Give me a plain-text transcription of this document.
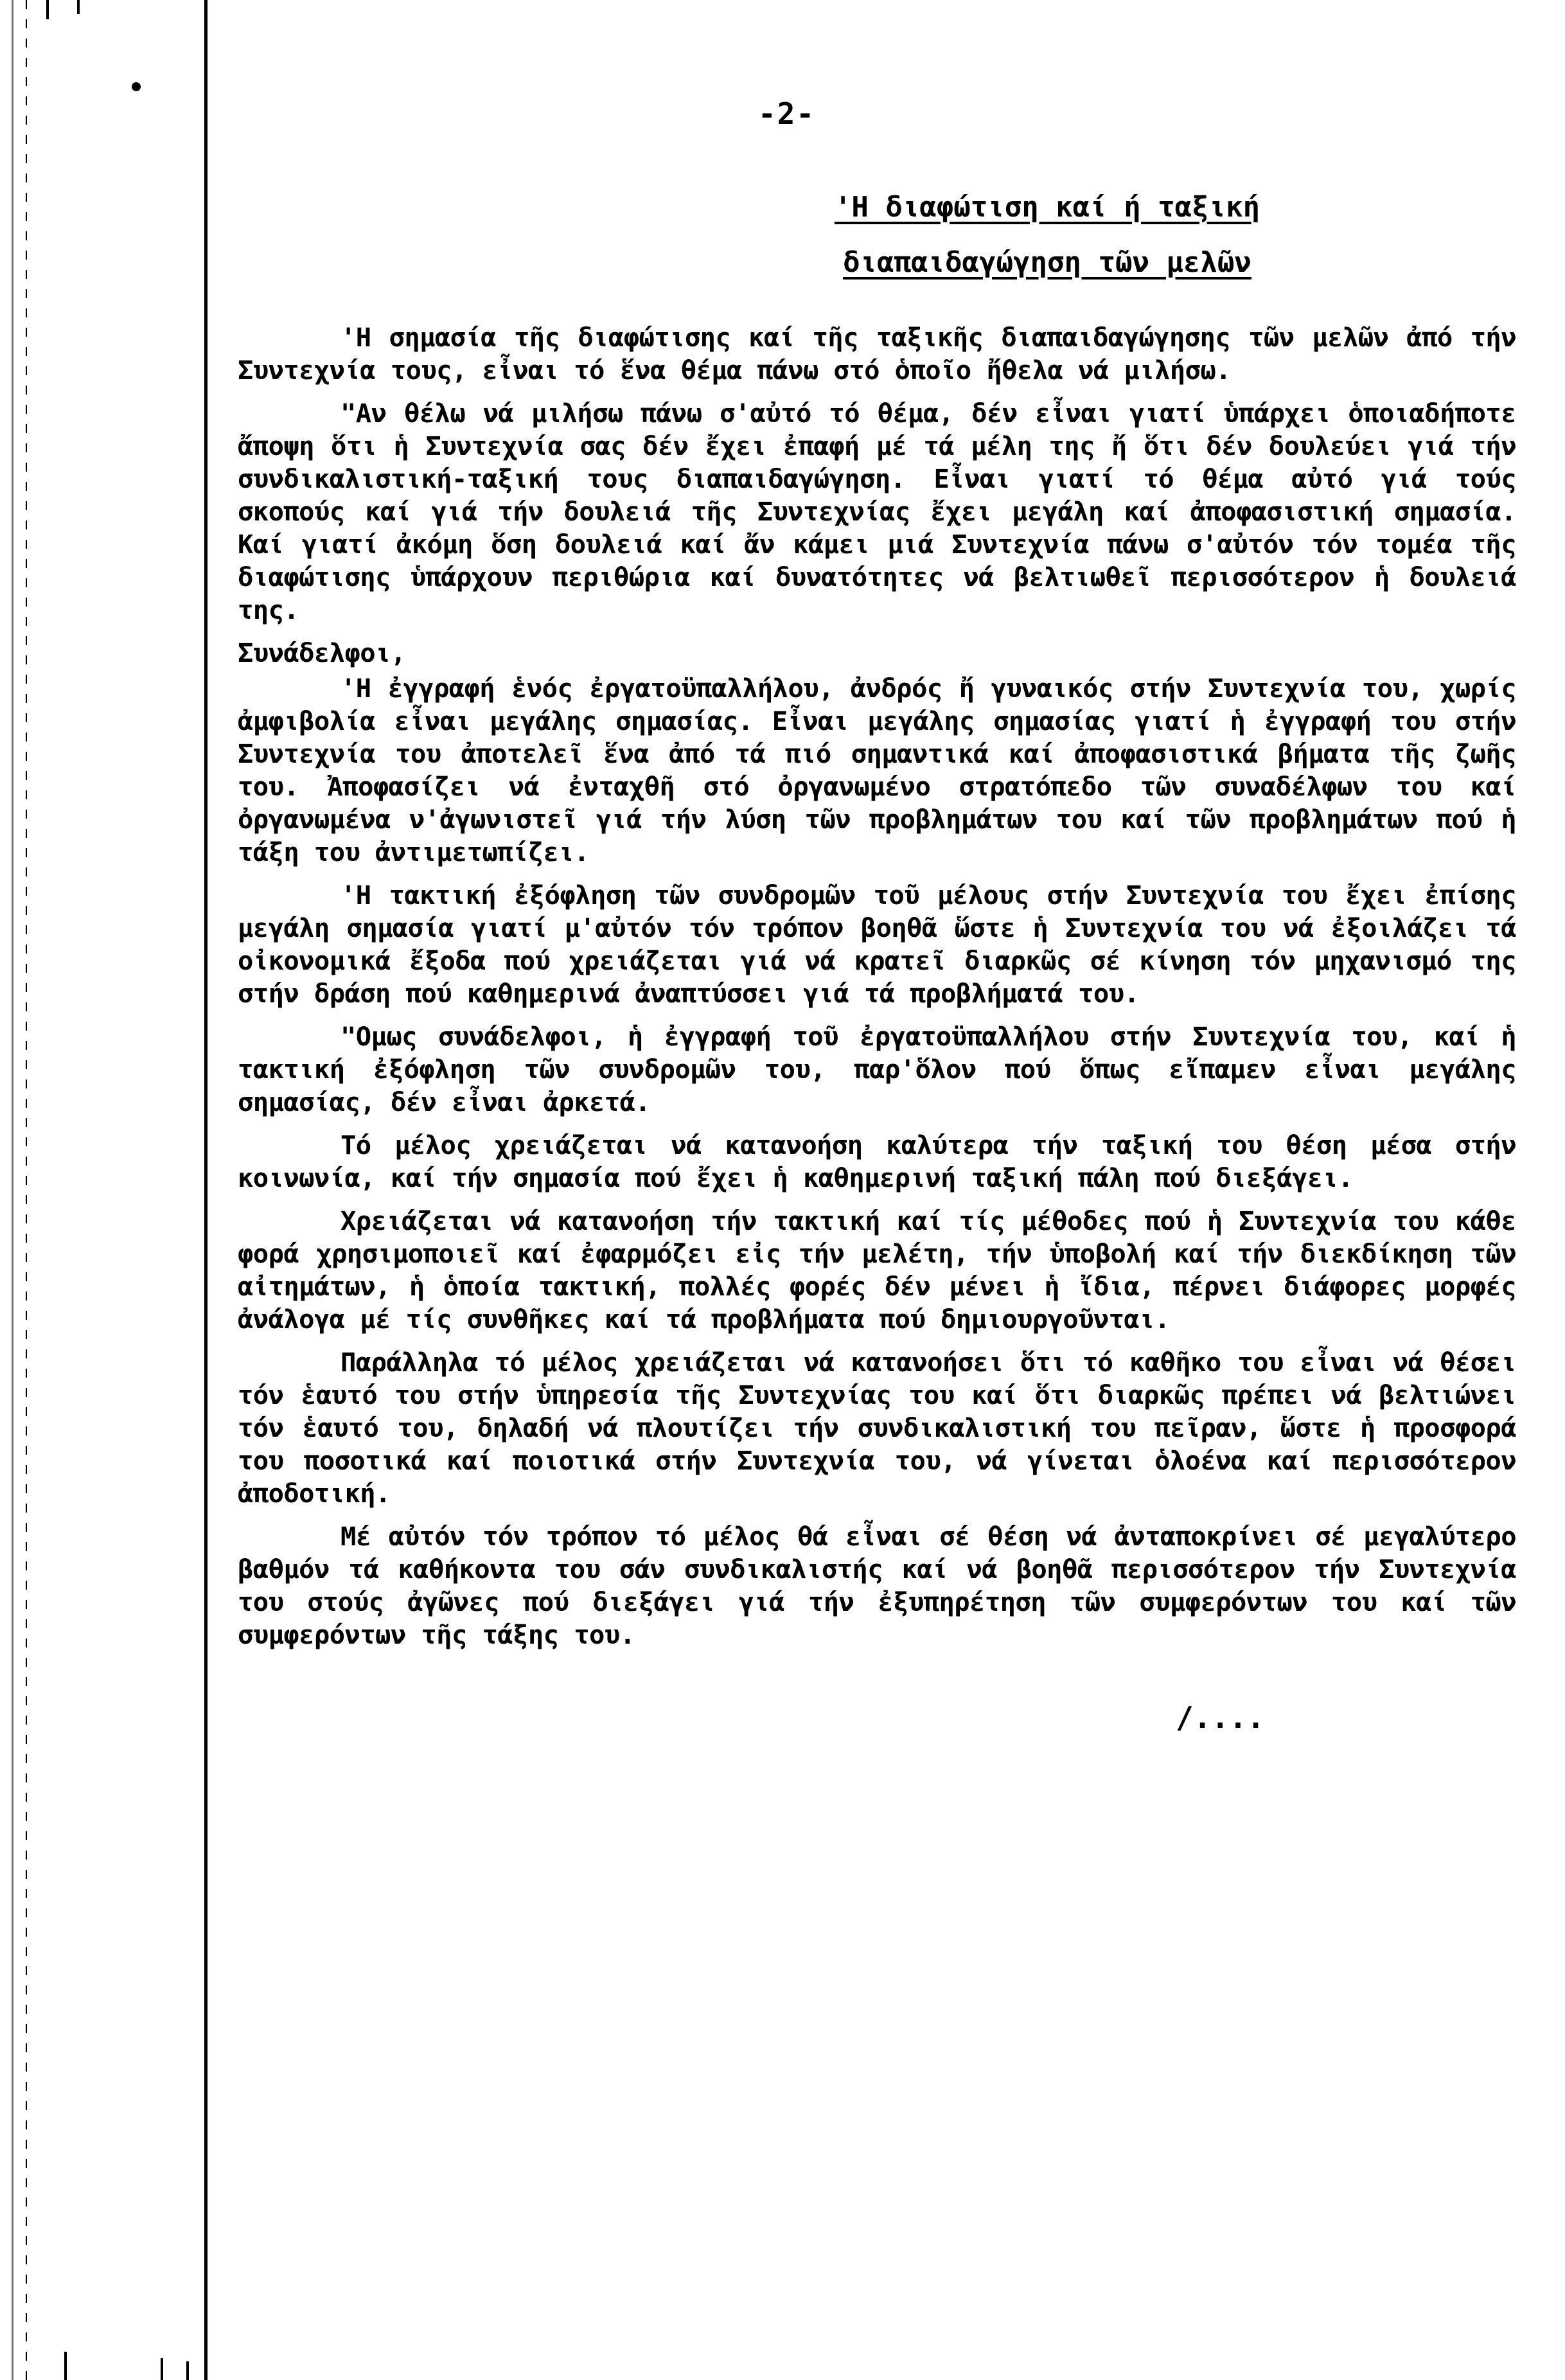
-2-
'Η διαφώτιση καί ή ταξική
διαπαιδαγώγηση τῶν μελῶν

'Η σημασία τῆς διαφώτισης καί τῆς ταξικῆς διαπαιδαγώγησης τῶν μελῶν ἀπό τήν Συντεχνία τους, εἶναι τό ἕνα θέμα πάνω στό ὁποῖο ἤθελα νά μιλήσω.

"Αν θέλω νά μιλήσω πάνω σ'αὐτό τό θέμα, δέν εἶναι γιατί ὑπάρχει ὁποιαδήποτε ἄποψη ὅτι ἡ Συντεχνία σας δέν ἔχει ἐπαφή μέ τά μέλη της ἤ ὅτι δέν δουλεύει γιά τήν συνδικαλιστική-ταξική τους διαπαιδαγώγηση. Εἶναι γιατί τό θέμα αὐτό γιά τούς σκοπούς καί γιά τήν δουλειά τῆς Συντεχνίας ἔχει μεγάλη καί ἀποφασιστική σημασία. Καί γιατί ἀκόμη ὅση δουλειά καί ἄν κάμει μιά Συντεχνία πάνω σ'αὐτόν τόν τομέα τῆς διαφώτισης ὑπάρχουν περιθώρια καί δυνατότητες νά βελτιωθεῖ περισσότερον ἡ δουλειά της.

Συνάδελφοι,

'Η ἐγγραφή ἑνός ἐργατοϋπαλλήλου, ἀνδρός ἤ γυναικός στήν Συντεχνία του, χωρίς ἀμφιβολία εἶναι μεγάλης σημασίας. Εἶναι μεγάλης σημασίας γιατί ἡ ἐγγραφή του στήν Συντεχνία του ἀποτελεῖ ἕνα ἀπό τά πιό σημαντικά καί ἀποφασιστικά βήματα τῆς ζωῆς του. Ἀποφασίζει νά ἐνταχθῆ στό ὀργανωμένο στρατόπεδο τῶν συναδέλφων του καί ὀργανωμένα ν'ἀγωνιστεῖ γιά τήν λύση τῶν προβλημάτων του καί τῶν προβλημάτων πού ἡ τάξη του ἀντιμετωπίζει.

'Η τακτική ἐξόφληση τῶν συνδρομῶν τοῦ μέλους στήν Συντεχνία του ἔχει ἐπίσης μεγάλη σημασία γιατί μ'αὐτόν τόν τρόπον βοηθᾶ ὥστε ἡ Συντεχνία του νά ἐξοιλάζει τά οἰκονομικά ἔξοδα πού χρειάζεται γιά νά κρατεῖ διαρκῶς σέ κίνηση τόν μηχανισμό της στήν δράση πού καθημερινά ἀναπτύσσει γιά τά προβλήματά του.

"Ομως συνάδελφοι, ἡ ἐγγραφή τοῦ ἐργατοϋπαλλήλου στήν Συντεχνία του, καί ἡ τακτική ἐξόφληση τῶν συνδρομῶν του, παρ'ὅλον πού ὅπως εἴπαμεν εἶναι μεγάλης σημασίας, δέν εἶναι ἀρκετά.

Τό μέλος χρειάζεται νά κατανοήση καλύτερα τήν ταξική του θέση μέσα στήν κοινωνία, καί τήν σημασία πού ἔχει ἡ καθημερινή ταξική πάλη πού διεξάγει.

Χρειάζεται νά κατανοήση τήν τακτική καί τίς μέθοδες πού ἡ Συντεχνία του κάθε φορά χρησιμοποιεῖ καί ἐφαρμόζει εἰς τήν μελέτη, τήν ὑποβολή καί τήν διεκδίκηση τῶν αἰτημάτων, ἡ ὁποία τακτική, πολλές φορές δέν μένει ἡ ἴδια, πέρνει διάφορες μορφές ἀνάλογα μέ τίς συνθῆκες καί τά προβλήματα πού δημιουργοῦνται.

Παράλληλα τό μέλος χρειάζεται νά κατανοήσει ὅτι τό καθῆκο του εἶναι νά θέσει τόν ἑαυτό του στήν ὑπηρεσία τῆς Συντεχνίας του καί ὅτι διαρκῶς πρέπει νά βελτιώνει τόν ἑαυτό του, δηλαδή νά πλουτίζει τήν συνδικαλιστική του πεῖραν, ὥστε ἡ προσφορά του ποσοτικά καί ποιοτικά στήν Συντεχνία του, νά γίνεται ὁλοένα καί περισσότερον ἀποδοτική.

Μέ αὐτόν τόν τρόπον τό μέλος θά εἶναι σέ θέση νά ἀνταποκρίνει σέ μεγαλύτερο βαθμόν τά καθήκοντα του σάν συνδικαλιστής καί νά βοηθᾶ περισσότερον τήν Συντεχνία του στούς ἀγῶνες πού διεξάγει γιά τήν ἐξυπηρέτηση τῶν συμφερόντων του καί τῶν συμφερόντων τῆς τάξης του.

/....
